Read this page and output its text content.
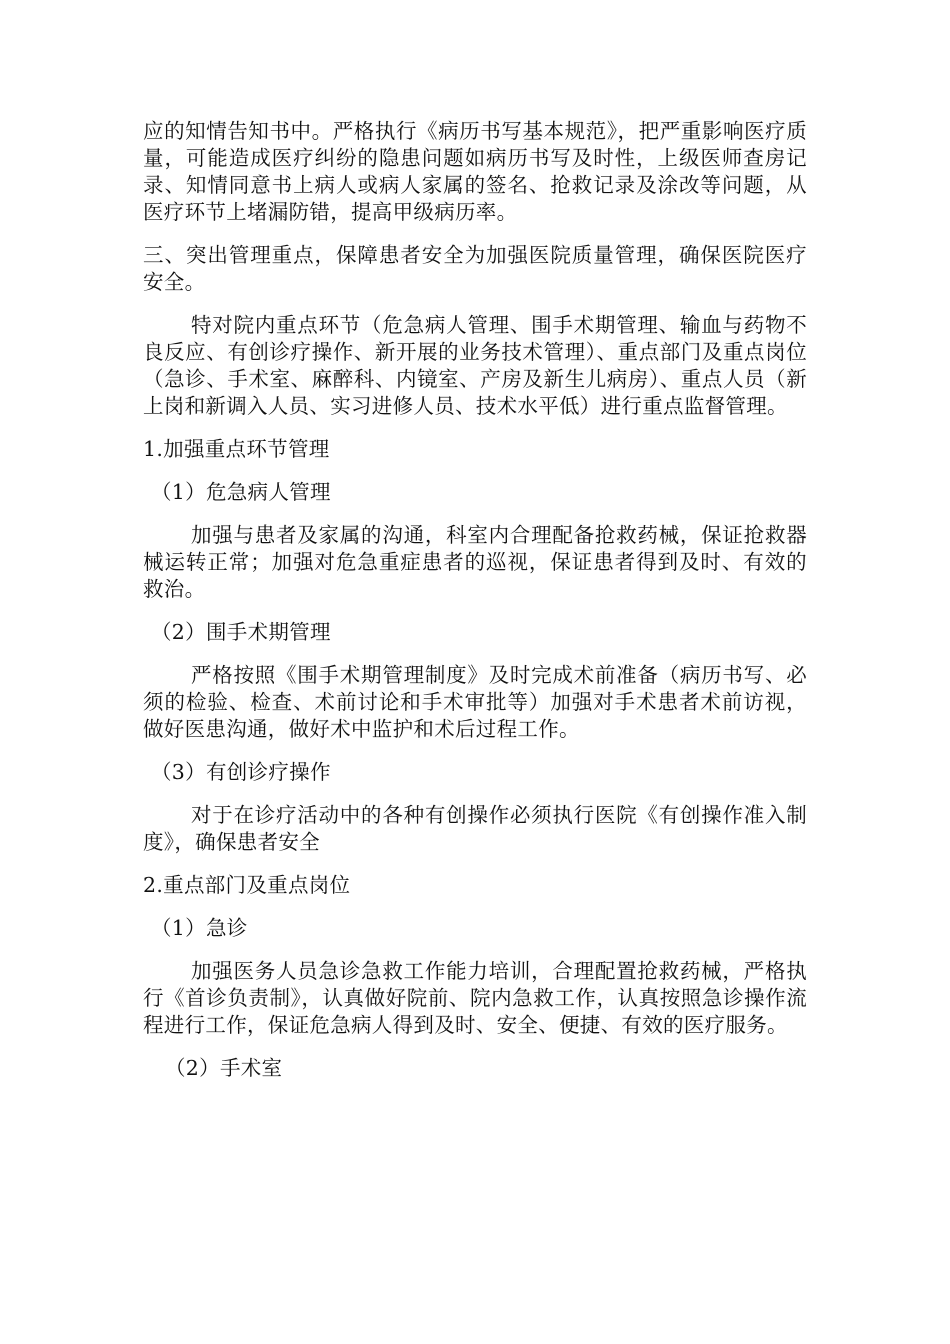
应的知情告知书中。严格执行《病历书写基本规范》，把严重影响医疗质量，可能造成医疗纠纷的隐患问题如病历书写及时性，上级医师查房记录、知情同意书上病人或病人家属的签名、抢救记录及涂改等问题，从医疗环节上堵漏防错，提高甲级病历率。

三、突出管理重点，保障患者安全为加强医院质量管理，确保医院医疗安全。

特对院内重点环节（危急病人管理、围手术期管理、输血与药物不良反应、有创诊疗操作、新开展的业务技术管理）、重点部门及重点岗位（急诊、手术室、麻醉科、内镜室、产房及新生儿病房）、重点人员（新上岗和新调入人员、实习进修人员、技术水平低）进行重点监督管理。

1.加强重点环节管理

（1）危急病人管理

加强与患者及家属的沟通，科室内合理配备抢救药械，保证抢救器械运转正常；加强对危急重症患者的巡视，保证患者得到及时、有效的救治。

（2）围手术期管理

严格按照《围手术期管理制度》及时完成术前准备（病历书写、必须的检验、检查、术前讨论和手术审批等）加强对手术患者术前访视，做好医患沟通，做好术中监护和术后过程工作。

（3）有创诊疗操作

对于在诊疗活动中的各种有创操作必须执行医院《有创操作准入制度》，确保患者安全

2.重点部门及重点岗位

（1）急诊

加强医务人员急诊急救工作能力培训，合理配置抢救药械，严格执行《首诊负责制》，认真做好院前、院内急救工作，认真按照急诊操作流程进行工作，保证危急病人得到及时、安全、便捷、有效的医疗服务。

（2）手术室
